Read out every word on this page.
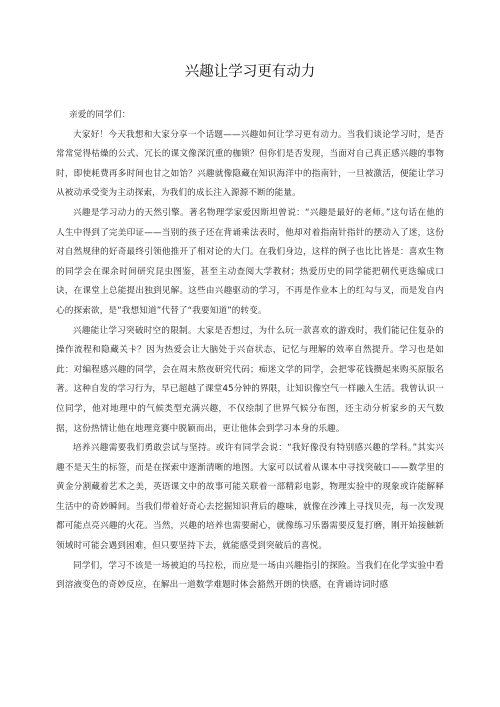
兴趣让学习更有动力

亲爱的同学们：

大家好！今天我想和大家分享一个话题——兴趣如何让学习更有动力。当我们谈论学习时，是否常常觉得枯燥的公式、冗长的课文像深沉重的枷锁？但你们是否发现，当面对自己真正感兴趣的事物时，即使耗费再多时间也甘之如饴？兴趣就像隐藏在知识海洋中的指南针，一旦被激活，便能让学习从被动承受变为主动探索，为我们的成长注入源源不断的能量。

兴趣是学习动力的天然引擎。著名物理学家爱因斯坦曾说：“兴趣是最好的老师。”这句话在他的人生中得到了完美印证——当别的孩子还在背诵乘法表时，他却对着指南针指针的摆动入了迷，这份对自然规律的好奇最终引领他推开了相对论的大门。在我们身边，这样的例子也比比皆是：喜欢生物的同学会在课余时间研究昆虫图鉴，甚至主动查阅大学教材；热爱历史的同学能把朝代更迭编成口诀，在课堂上总能提出独到见解。这些由兴趣驱动的学习，不再是作业本上的红勾与叉，而是发自内心的探索欲，是“我想知道”代替了“我要知道”的转变。

兴趣能让学习突破时空的限制。大家是否想过，为什么玩一款喜欢的游戏时，我们能记住复杂的操作流程和隐藏关卡？因为热爱会让大脑处于兴奋状态，记忆与理解的效率自然提升。学习也是如此：对编程感兴趣的同学，会在周末熬夜研究代码；痴迷文学的同学，会把零花钱攒起来购买原版名著。这种自发的学习行为，早已超越了课堂45分钟的界限，让知识像空气一样融入生活。我曾认识一位同学，他对地理中的气候类型充满兴趣，不仅绘制了世界气候分布图，还主动分析家乡的天气数据，这份热情让他在地理竞赛中脱颖而出，更让他体会到学习本身的乐趣。

培养兴趣需要我们勇敢尝试与坚持。或许有同学会说：“我好像没有特别感兴趣的学科。”其实兴趣不是天生的标签，而是在探索中逐渐清晰的地图。大家可以试着从课本中寻找突破口——数学里的黄金分割藏着艺术之美，英语课文中的故事可能关联着一部精彩电影，物理实验中的现象或许能解释生活中的奇妙瞬间。当我们带着好奇心去挖掘知识背后的趣味，就像在沙滩上寻找贝壳，每一次发现都可能点亮兴趣的火花。当然，兴趣的培养也需要耐心，就像练习乐器需要反复打磨，刚开始接触新领域时可能会遇到困难，但只要坚持下去，就能感受到突破后的喜悦。

同学们，学习不该是一场被迫的马拉松，而应是一场由兴趣指引的探险。当我们在化学实验中看到溶液变色的奇妙反应，在解出一道数学难题时体会豁然开朗的快感，在背诵诗词时感
